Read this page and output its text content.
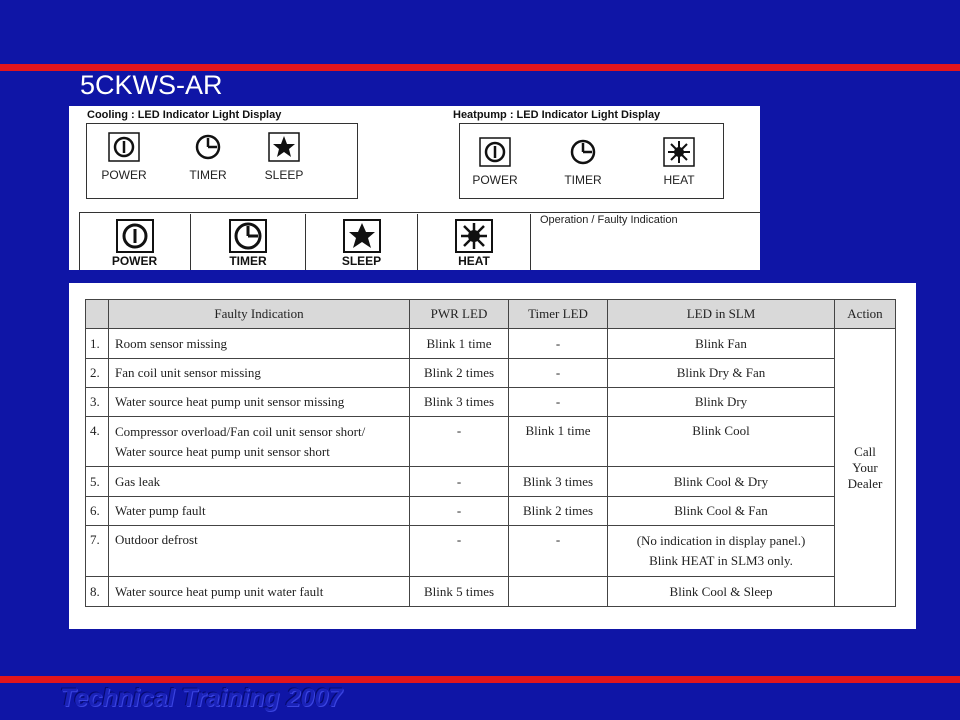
5CKWS-AR
Cooling : LED Indicator Light Display	Heatpump : LED Indicator Light Display
POWER	TIMER	SLEEP	POWER	TIMER	HEAT
POWER	TIMER	SLEEP	HEAT
Operation / Faulty Indication
	Faulty Indication	PWR LED	Timer LED	LED in SLM	Action
1.	Room sensor missing	Blink 1 time	-	Blink Fan	Call Your
Dealer
2.	Fan coil unit sensor missing	Blink 2 times	-	Blink Dry & Fan	
3.	Water source heat pump unit sensor missing	Blink 3 times	-	Blink Dry	
4.	Compressor overload/Fan coil unit sensor short/
Water source heat pump unit sensor short	-	Blink 1 time	Blink Cool	
5.	Gas leak	-	Blink 3 times	Blink Cool & Dry	
6.	Water pump fault	-	Blink 2 times	Blink Cool & Fan	
7.	Outdoor defrost	-	-	(No indication in display panel.)
Blink HEAT in SLM3 only.	
8.	Water source heat pump unit water fault	Blink 5 times		Blink Cool & Sleep	
Technical Training 2007
